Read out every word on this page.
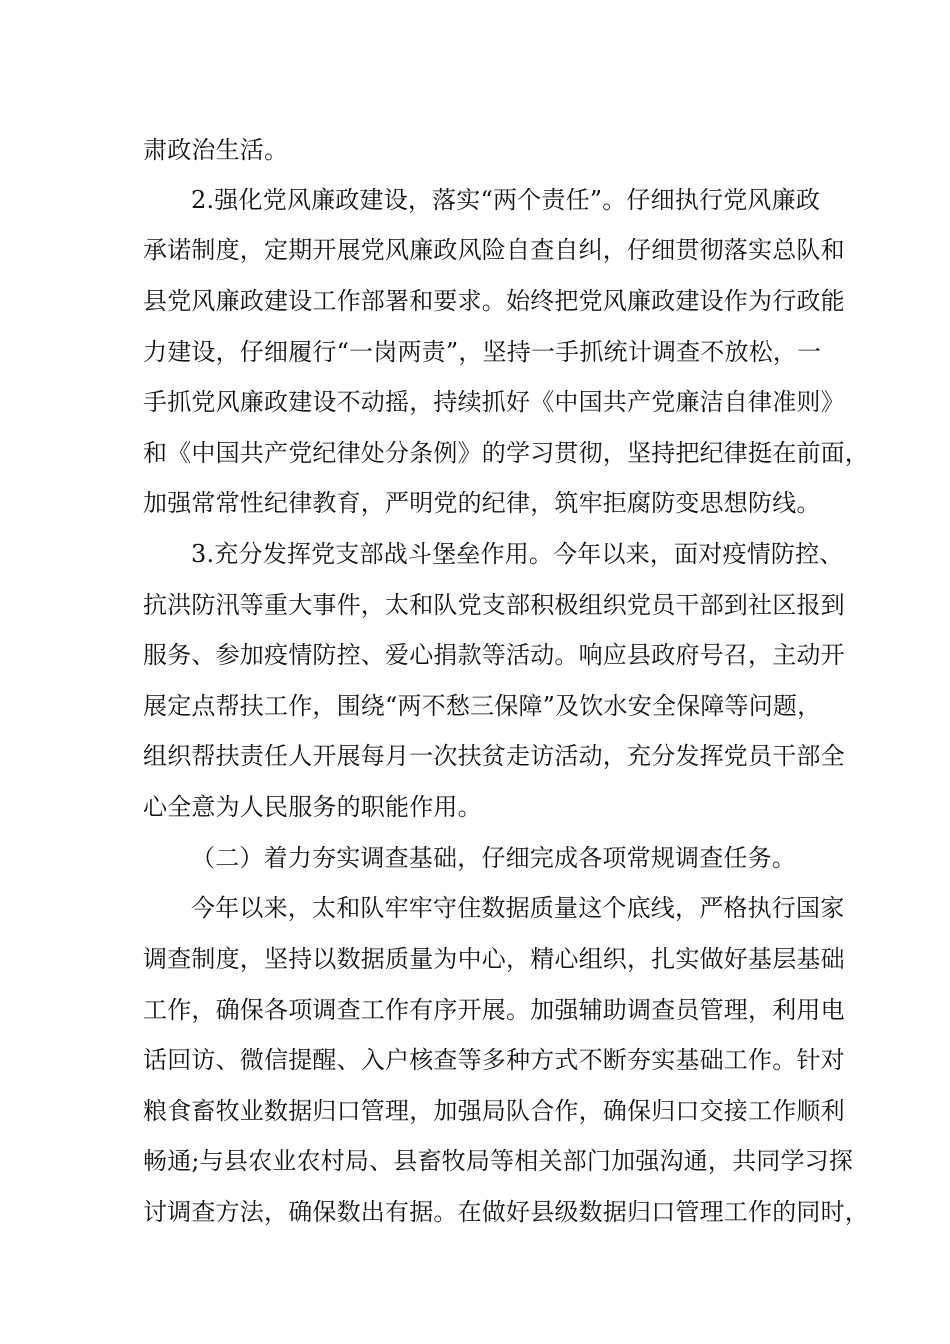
肃政治生活。
2.强化党风廉政建设，落实“两个责任”。仔细执行党风廉政
承诺制度，定期开展党风廉政风险自查自纠，仔细贯彻落实总队和
县党风廉政建设工作部署和要求。始终把党风廉政建设作为行政能
力建设，仔细履行“一岗两责”，坚持一手抓统计调查不放松，一
手抓党风廉政建设不动摇，持续抓好《中国共产党廉洁自律准则》
和《中国共产党纪律处分条例》的学习贯彻，坚持把纪律挺在前面，
加强常常性纪律教育，严明党的纪律，筑牢拒腐防变思想防线。
3.充分发挥党支部战斗堡垒作用。今年以来，面对疫情防控、
抗洪防汛等重大事件，太和队党支部积极组织党员干部到社区报到
服务、参加疫情防控、爱心捐款等活动。响应县政府号召，主动开
展定点帮扶工作，围绕“两不愁三保障”及饮水安全保障等问题，
组织帮扶责任人开展每月一次扶贫走访活动，充分发挥党员干部全
心全意为人民服务的职能作用。
（二）着力夯实调查基础，仔细完成各项常规调查任务。
今年以来，太和队牢牢守住数据质量这个底线，严格执行国家
调查制度，坚持以数据质量为中心，精心组织，扎实做好基层基础
工作，确保各项调查工作有序开展。加强辅助调查员管理，利用电
话回访、微信提醒、入户核查等多种方式不断夯实基础工作。针对
粮食畜牧业数据归口管理，加强局队合作，确保归口交接工作顺利
畅通;与县农业农村局、县畜牧局等相关部门加强沟通，共同学习探
讨调查方法，确保数出有据。在做好县级数据归口管理工作的同时，
